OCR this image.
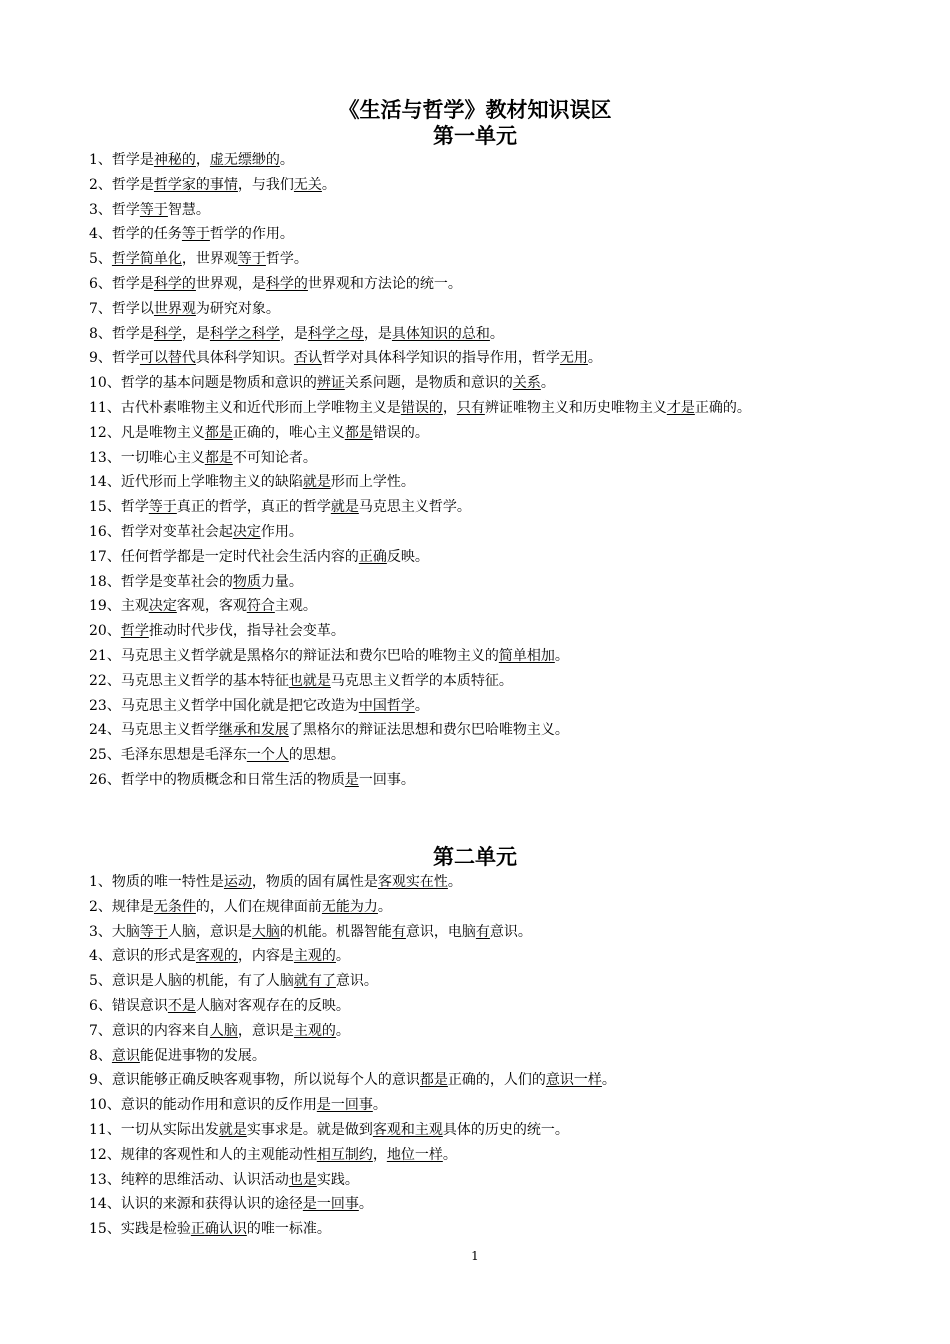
《生活与哲学》教材知识误区
第一单元
1、哲学是神秘的，虚无缥缈的。
2、哲学是哲学家的事情，与我们无关。
3、哲学等于智慧。
4、哲学的任务等于哲学的作用。
5、哲学简单化，世界观等于哲学。
6、哲学是科学的世界观，是科学的世界观和方法论的统一。
7、哲学以世界观为研究对象。
8、哲学是科学，是科学之科学，是科学之母，是具体知识的总和。
9、哲学可以替代具体科学知识。否认哲学对具体科学知识的指导作用，哲学无用。
10、哲学的基本问题是物质和意识的辨证关系问题，是物质和意识的关系。
11、古代朴素唯物主义和近代形而上学唯物主义是错误的，只有辨证唯物主义和历史唯物主义才是正确的。
12、凡是唯物主义都是正确的，唯心主义都是错误的。
13、一切唯心主义都是不可知论者。
14、近代形而上学唯物主义的缺陷就是形而上学性。
15、哲学等于真正的哲学，真正的哲学就是马克思主义哲学。
16、哲学对变革社会起决定作用。
17、任何哲学都是一定时代社会生活内容的正确反映。
18、哲学是变革社会的物质力量。
19、主观决定客观，客观符合主观。
20、哲学推动时代步伐，指导社会变革。
21、马克思主义哲学就是黑格尔的辩证法和费尔巴哈的唯物主义的简单相加。
22、马克思主义哲学的基本特征也就是马克思主义哲学的本质特征。
23、马克思主义哲学中国化就是把它改造为中国哲学。
24、马克思主义哲学继承和发展了黑格尔的辩证法思想和费尔巴哈唯物主义。
25、毛泽东思想是毛泽东一个人的思想。
26、哲学中的物质概念和日常生活的物质是一回事。
第二单元
1、物质的唯一特性是运动，物质的固有属性是客观实在性。
2、规律是无条件的，人们在规律面前无能为力。
3、大脑等于人脑，意识是大脑的机能。机器智能有意识，电脑有意识。
4、意识的形式是客观的，内容是主观的。
5、意识是人脑的机能，有了人脑就有了意识。
6、错误意识不是人脑对客观存在的反映。
7、意识的内容来自人脑，意识是主观的。
8、意识能促进事物的发展。
9、意识能够正确反映客观事物，所以说每个人的意识都是正确的，人们的意识一样。
10、意识的能动作用和意识的反作用是一回事。
11、一切从实际出发就是实事求是。就是做到客观和主观具体的历史的统一。
12、规律的客观性和人的主观能动性相互制约，地位一样。
13、纯粹的思维活动、认识活动也是实践。
14、认识的来源和获得认识的途径是一回事。
15、实践是检验正确认识的唯一标准。
1
